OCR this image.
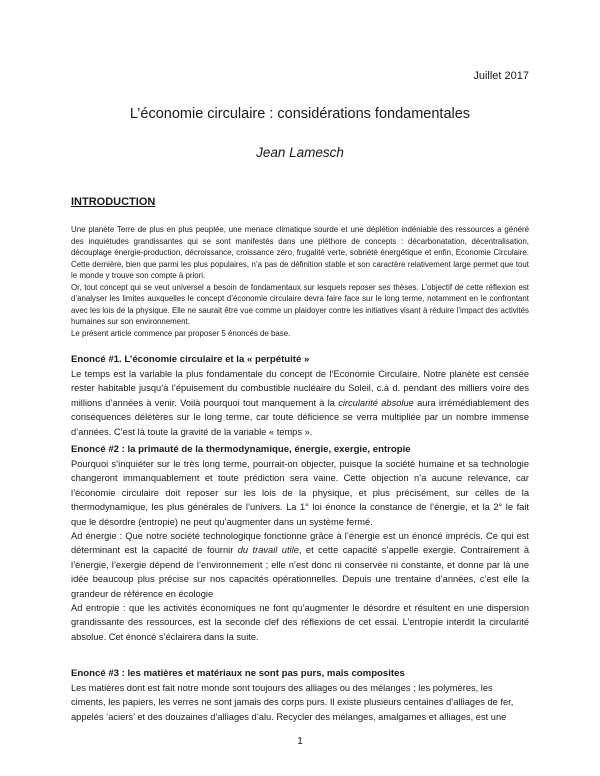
Juillet 2017
L’économie circulaire : considérations fondamentales
Jean Lamesch
INTRODUCTION

Une planète Terre de plus en plus peuplée, une menace climatique sourde et une déplétion indéniable des ressources a généré des inquiétudes grandissantes qui se sont manifestés dans une pléthore de concepts : décarbonatation, décentralisation, découplage énergie-production, décroissance, croissance zéro, frugalité verte, sobriété énergétique et enfin, Economie Circulaire. Cette dernière, bien que parmi les plus populaires, n’a pas de définition stable et son caractère relativement large permet que tout le monde y trouve son compte à priori.

Or, tout concept qui se veut universel a besoin de fondamentaux sur lesquels reposer ses thèses. L’objectif de cette réflexion est d’analyser les limites auxquelles le concept d’économie circulaire devra faire face sur le long terme, notamment en le confrontant avec les lois de la physique. Elle ne saurait être vue comme un plaidoyer contre les initiatives visant à réduire l’impact des activités humaines sur son environnement.

Le présent article commence par proposer 5 énoncés de base.

Enoncé #1. L’économie circulaire et la « perpétuité »

Le temps est la variable la plus fondamentale du concept de l’Economie Circulaire. Notre planète est censée rester habitable jusqu’à l’épuisement du combustible nucléaire du Soleil, c.à d. pendant des milliers voire des millions d’années à venir. Voilà pourquoi tout manquement à la circularité absolue aura irrémédiablement des conséquences délétères sur le long terme, car toute déficience se verra multipliée par un nombre immense d’années. C’est là toute la gravité de la variable « temps ».

Enoncé #2 : la primauté de la thermodynamique, énergie, exergie, entropie

Pourquoi s’inquiéter sur le très long terme, pourrait-on objecter, puisque la société humaine et sa technologie changeront immanquablement et toute prédiction sera vaine. Cette objection n’a aucune relevance, car l’économie circulaire doit reposer sur les lois de la physique, et plus précisément, sur celles de la thermodynamique, les plus générales de l’univers. La 1° loi énonce la constance de l’énergie, et la 2° le fait que le désordre (entropie) ne peut qu’augmenter dans un système fermé.

Ad énergie : Que notre société technologique fonctionne grâce à l’énergie est un énoncé imprécis. Ce qui est déterminant est la capacité de fournir du travail utile, et cette capacité s’appelle exergie. Contrairement à l’énergie, l’exergie dépend de l’environnement ; elle n’est donc ni conservée ni constante, et donne par là une idée beaucoup plus précise sur nos capacités opérationnelles. Depuis une trentaine d’années, c’est elle la grandeur de référence en écologie

Ad entropie : que les activités économiques ne font qu’augmenter le désordre et résultent en une dispersion grandissante des ressources, est la seconde clef des réflexions de cet essai. L’entropie interdit la circularité absolue. Cet énoncé s’éclairera dans la suite.

Enoncé #3 : les matières et matériaux ne sont pas purs, mais composites

Les matières dont est fait notre monde sont toujours des alliages ou des mélanges ; les polymères, les ciments, les papiers, les verres ne sont jamais des corps purs. Il existe plusieurs centaines d’alliages de fer, appelés ‘aciers’ et des douzaines d’alliages d’alu. Recycler des mélanges, amalgames et alliages, est une

1
